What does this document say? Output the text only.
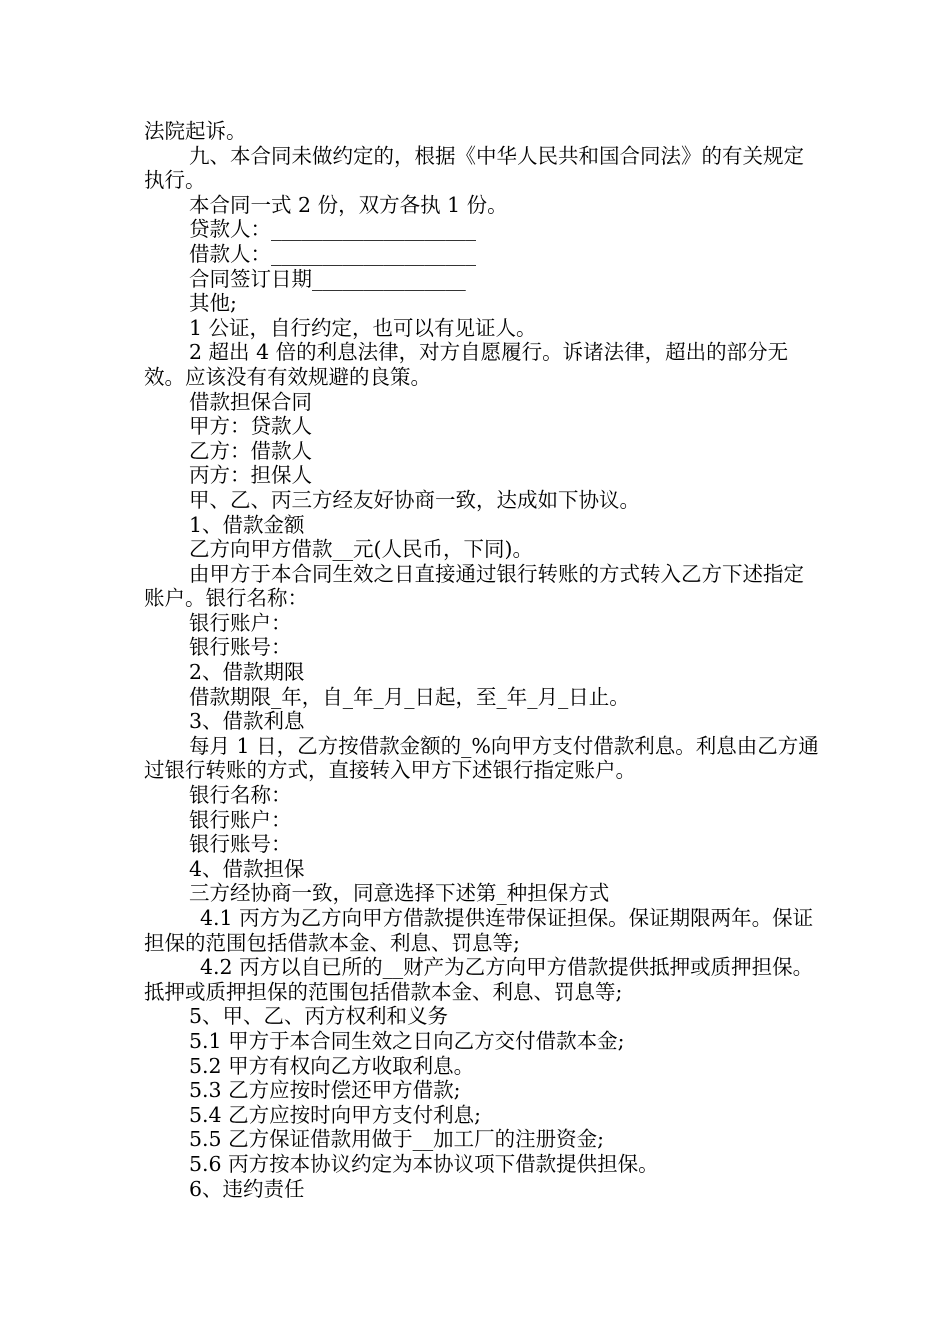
法院起诉。

九、本合同未做约定的，根据《中华人民共和国合同法》的有关规定执行。

本合同一式 2 份，双方各执 1 份。

贷款人：____________________

借款人：____________________

合同签订日期_______________

其他;

1 公证，自行约定，也可以有见证人。

2 超出 4 倍的利息法律，对方自愿履行。诉诸法律，超出的部分无效。应该没有有效规避的良策。

借款担保合同

甲方：贷款人

乙方：借款人

丙方：担保人

甲、乙、丙三方经友好协商一致，达成如下协议。

1、借款金额

乙方向甲方借款__元(人民币，下同)。

由甲方于本合同生效之日直接通过银行转账的方式转入乙方下述指定账户。银行名称：

银行账户：

银行账号：

2、借款期限

借款期限_年，自_年_月_日起，至_年_月_日止。

3、借款利息

每月 1 日，乙方按借款金额的_%向甲方支付借款利息。利息由乙方通过银行转账的方式，直接转入甲方下述银行指定账户。

银行名称：

银行账户：

银行账号：

4、借款担保

三方经协商一致，同意选择下述第_种担保方式

4.1 丙方为乙方向甲方借款提供连带保证担保。保证期限两年。保证担保的范围包括借款本金、利息、罚息等;

4.2 丙方以自已所的__财产为乙方向甲方借款提供抵押或质押担保。抵押或质押担保的范围包括借款本金、利息、罚息等;

5、甲、乙、丙方权利和义务

5.1 甲方于本合同生效之日向乙方交付借款本金;

5.2 甲方有权向乙方收取利息。

5.3 乙方应按时偿还甲方借款;

5.4 乙方应按时向甲方支付利息;

5.5 乙方保证借款用做于__加工厂的注册资金;

5.6 丙方按本协议约定为本协议项下借款提供担保。

6、违约责任
